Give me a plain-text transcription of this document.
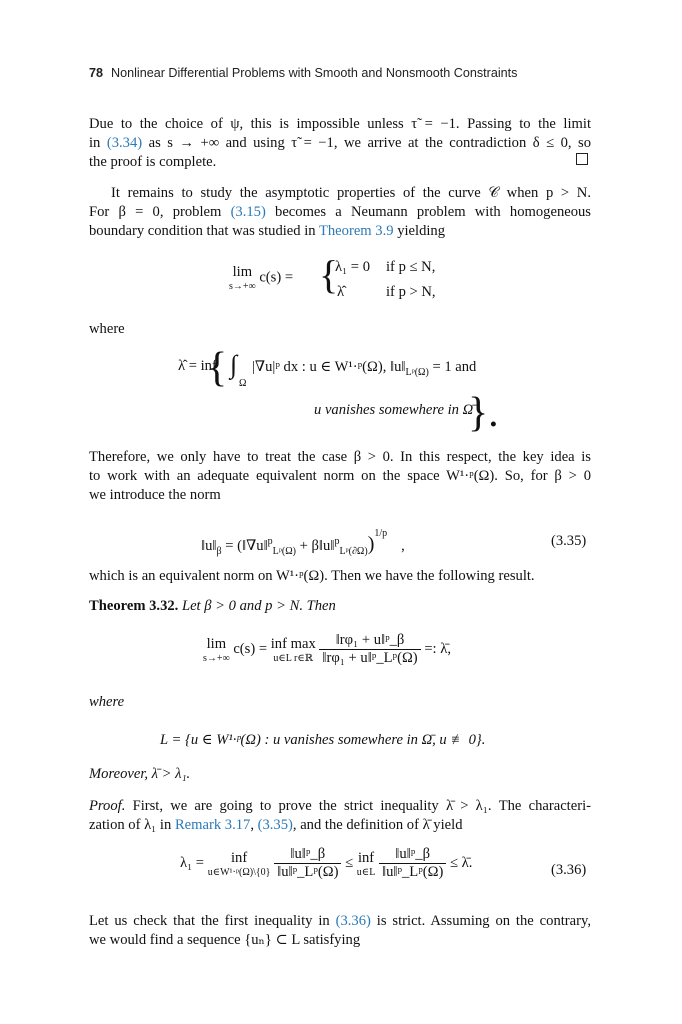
78 Nonlinear Differential Problems with Smooth and Nonsmooth Constraints
Due to the choice of ψ, this is impossible unless τ̃ = −1. Passing to the limit
in (3.34) as s → +∞ and using τ̃ = −1, we arrive at the contradiction δ ≤ 0, so
the proof is complete.
It remains to study the asymptotic properties of the curve 𝒞 when p > N.
For β = 0, problem (3.15) becomes a Neumann problem with homogeneous
boundary condition that was studied in Theorem 3.9 yielding
lim
s→+∞
c(s) = {
λ₁ = 0 if p ≤ N,
λ̂	if p > N,
where
λ̂ = inf
{ ∫
Ω
|∇u|ᵖ dx : u ∈ W¹·ᵖ(Ω), $‖u‖_{Lᵖ(\Omega)} = 1$ and
u vanishes somewhere in Ω̄
}.
Therefore, we only have to treat the case β > 0. In this respect, the key idea is
to work with an adequate equivalent norm on the space W¹·ᵖ(Ω). So, for β > 0
we introduce the norm
$‖u‖_\beta$ = (‖∇u‖$^p_{Lᵖ(\Omega)}$ + β‖u‖$^p_{Lᵖ(\partial\Omega)}$)$^{1/p}$,	(3.35)
which is an equivalent norm on W¹·ᵖ(Ω). Then we have the following result.
Theorem 3.32. Let β > 0 and p > N. Then
lim
s→+∞
c(s) = inf max
u∈L r∈ℝ
$\frac{\text{‖rφ₁ + u‖ᵖ\_β}}{\text{‖rφ₁ + u‖ᵖ\_Lᵖ(Ω)}}$ =: λ̄,
where
L = {u ∈ W¹·ᵖ(Ω) : u vanishes somewhere in Ω̄, u ≢ 0}.
Moreover, λ̄ > λ₁.
Proof. First, we are going to prove the strict inequality λ̄ > λ₁. The characteri-
zation of λ₁ in Remark 3.17, (3.35), and the definition of λ̄ yield
λ₁ =	inf
u∈W¹·ᵖ(Ω)\{0}
$\frac{\text{‖u‖ᵖ\_β}}{\text{‖u‖ᵖ\_Lᵖ(Ω)}}$ ≤ inf
u∈L
$\frac{\text{‖u‖ᵖ\_β}}{\text{‖u‖ᵖ\_Lᵖ(Ω)}}$ ≤ λ̄.	(3.36)
Let us check that the first inequality in (3.36) is strict. Assuming on the contrary,
we would find a sequence {uₙ} ⊂ L satisfying
